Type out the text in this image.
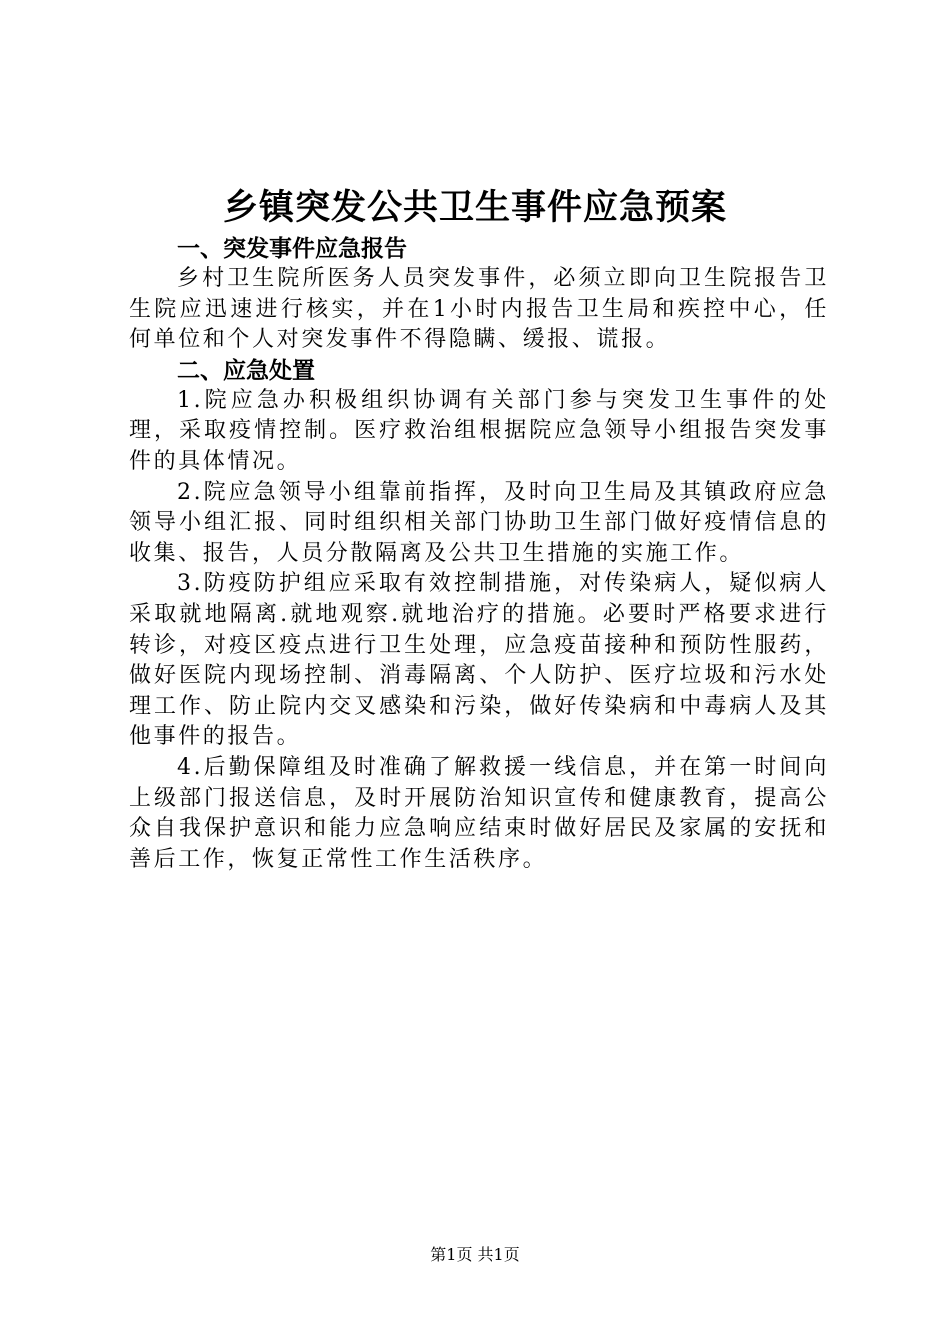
乡镇突发公共卫生事件应急预案
一、突发事件应急报告

乡村卫生院所医务人员突发事件，必须立即向卫生院报告卫生院应迅速进行核实，并在1小时内报告卫生局和疾控中心，任何单位和个人对突发事件不得隐瞒、缓报、谎报。

二、应急处置

1.院应急办积极组织协调有关部门参与突发卫生事件的处理，采取疫情控制。医疗救治组根据院应急领导小组报告突发事件的具体情况。

2.院应急领导小组靠前指挥，及时向卫生局及其镇政府应急领导小组汇报、同时组织相关部门协助卫生部门做好疫情信息的收集、报告，人员分散隔离及公共卫生措施的实施工作。

3.防疫防护组应采取有效控制措施，对传染病人，疑似病人采取就地隔离.就地观察.就地治疗的措施。必要时严格要求进行转诊，对疫区疫点进行卫生处理，应急疫苗接种和预防性服药，做好医院内现场控制、消毒隔离、个人防护、医疗垃圾和污水处理工作、防止院内交叉感染和污染，做好传染病和中毒病人及其他事件的报告。

4.后勤保障组及时准确了解救援一线信息，并在第一时间向上级部门报送信息，及时开展防治知识宣传和健康教育，提高公众自我保护意识和能力应急响应结束时做好居民及家属的安抚和善后工作，恢复正常性工作生活秩序。

第1页 共1页
